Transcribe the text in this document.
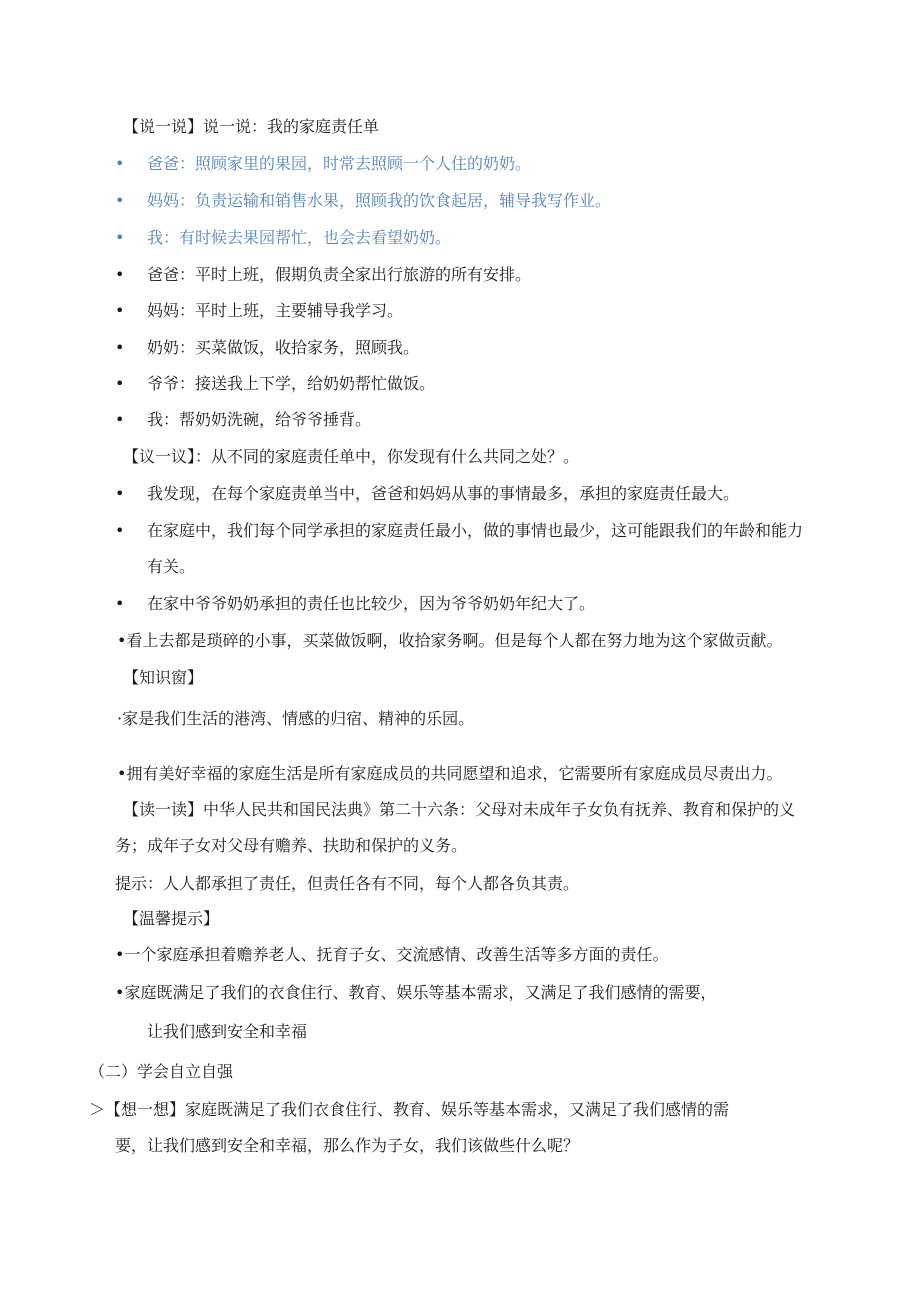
【说一说】说一说：我的家庭责任单
• 爸爸：照顾家里的果园，时常去照顾一个人住的奶奶。
• 妈妈：负责运输和销售水果，照顾我的饮食起居，辅导我写作业。
• 我：有时候去果园帮忙，也会去看望奶奶。
• 爸爸：平时上班，假期负责全家出行旅游的所有安排。
• 妈妈：平时上班，主要辅导我学习。
• 奶奶：买菜做饭，收拾家务，照顾我。
• 爷爷：接送我上下学，给奶奶帮忙做饭。
• 我：帮奶奶洗碗，给爷爷捶背。
【议一议】：从不同的家庭责任单中，你发现有什么共同之处？。
• 我发现，在每个家庭责单当中，爸爸和妈妈从事的事情最多，承担的家庭责任最大。
• 在家庭中，我们每个同学承担的家庭责任最小，做的事情也最少，这可能跟我们的年龄和能力
有关。
• 在家中爷爷奶奶承担的责任也比较少，因为爷爷奶奶年纪大了。
•看上去都是琐碎的小事，买菜做饭啊，收拾家务啊。但是每个人都在努力地为这个家做贡献。
【知识窗】
·家是我们生活的港湾、情感的归宿、精神的乐园。
•拥有美好幸福的家庭生活是所有家庭成员的共同愿望和追求，它需要所有家庭成员尽责出力。
【读一读】中华人民共和国民法典》第二十六条：父母对未成年子女负有抚养、教育和保护的义
务；成年子女对父母有赡养、扶助和保护的义务。
提示：人人都承担了责任，但责任各有不同，每个人都各负其责。
【温馨提示】
•一个家庭承担着赡养老人、抚育子女、交流感情、改善生活等多方面的责任。
•家庭既满足了我们的衣食住行、教育、娱乐等基本需求，又满足了我们感情的需要，
让我们感到安全和幸福
（二）学会自立自强
＞【想一想】家庭既满足了我们衣食住行、教育、娱乐等基本需求，又满足了我们感情的需
要，让我们感到安全和幸福，那么作为子女，我们该做些什么呢？
